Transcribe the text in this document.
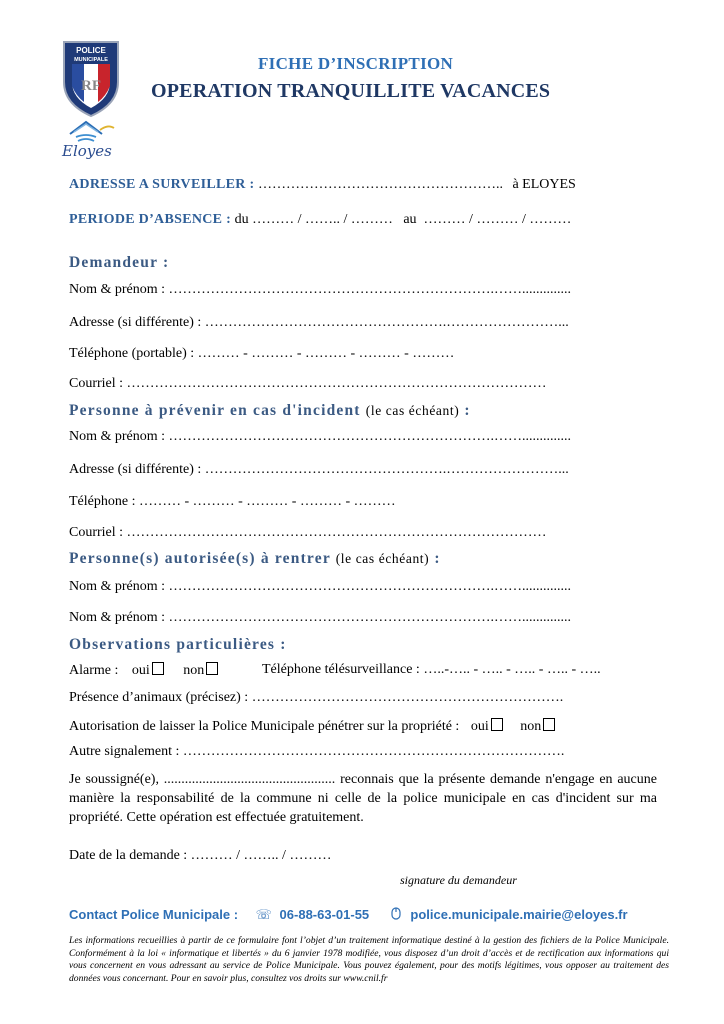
RF
POLICE
MUNICIPALE
Eloyes
FICHE D’INSCRIPTION
OPERATION TRANQUILLITE VACANCES
ADRESSE A SURVEILLER : …………………………………………….. à ELOYES
PERIODE D’ABSENCE : du ……… / …….. / ………   au  ……… / ……… / ………
Demandeur :
Nom & prénom : …………………………………………………………….……..............
Adresse (si différente) : …………………………………………….……………………...
Téléphone (portable) : ……… - ……… - ……… - ……… - ………
Courriel : ………………………………………………………………………………
Personne à prévenir en cas d'incident (le cas échéant) :
Nom & prénom : …………………………………………………………….……..............
Adresse (si différente) : …………………………………………….……………………...
Téléphone : ……… - ……… - ……… - ……… - ………
Courriel : ………………………………………………………………………………
Personne(s) autorisée(s) à rentrer (le cas échéant) :
Nom & prénom : …………………………………………………………….……..............
Nom & prénom : …………………………………………………………….……..............
Observations particulières :
Alarme : oui non	Téléphone télésurveillance : …..-….. - ….. - ….. - ….. - …..
Présence d’animaux (précisez) : ………………………………………………………….
Autorisation de laisser la Police Municipale pénétrer sur la propriété : oui non
Autre signalement : ……………………………………………………………………….
Je soussigné(e), ................................................. reconnais que la présente demande n'engage en aucune manière la responsabilité de la commune ni celle de la police municipale en cas d'incident sur ma propriété. Cette opération est effectuée gratuitement.
Date de la demande : ……… / …….. / ………
signature du demandeur
Contact Police Municipale : ☏ 06-88-63-01-55	police.municipale.mairie@eloyes.fr
Les informations recueillies à partir de ce formulaire font l’objet d’un traitement informatique destiné à la gestion des fichiers de la Police Municipale. Conformément à la loi « informatique et libertés » du 6 janvier 1978 modifiée, vous disposez d’un droit d’accès et de rectification aux informations qui vous concernent en vous adressant au service de Police Municipale. Vous pouvez également, pour des motifs légitimes, vous opposer au traitement des données vous concernant. Pour en savoir plus, consultez vos droits sur www.cnil.fr
